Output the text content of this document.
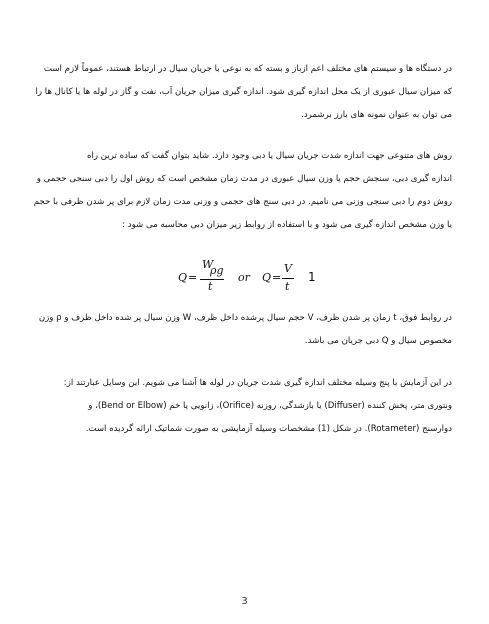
در دستگاه ها و سیستم های مختلف اعم ازباز و بسته که به نوعی با جریان سیال در ارتباط هستند، عموماً لازم است
که میزان سیال عبوری از یک محل اندازه گیری شود. اندازه گیری میزان جریان آب، نفت و گاز در لوله ها یا کانال ها را
می توان به عنوان نمونه های بارز برشمرد.

روش های متنوعی جهت اندازه شدت جریان سیال یا دبی وجود دارد. شاید بتوان گفت که ساده ترین راه
اندازه گیری دبی، سنجش حجم یا وزن سیال عبوری در مدت زمان مشخص است که روش اول را دبی سنجی حجمی و
روش دوم را دبی سنجی وزنی می نامیم. در دبی سنج های حجمی و وزنی مدت زمان لازم برای پر شدن ظرفی با حجم
یا وزن مشخص اندازه گیری می شود و با استفاده از روابط زیر میزان دبی محاسبه می شود :

Q =
W
ρg
t
or Q =
V
t
1

در روابط فوق، t زمان پر شدن ظرف، V حجم سیال پرشده داخل ظرف، W وزن سیال پر شده داخل ظرف و ρ وزن
مخصوص سیال و Q دبی جریان می باشد.

در این آزمایش با پنج وسیله مختلف اندازه گیری شدت جریان در لوله ها آشنا می شویم. این وسایل عبارتند از:
ونتوری متر، پخش کننده (Diffuser) یا بازشدگی، روزنه (Orifice)، زانویی یا خم (Bend or Elbow)، و
دوارسنج (Rotameter). در شکل (1) مشخصات وسیله آزمایشی به صورت شماتیک ارائه گردیده است.

3
